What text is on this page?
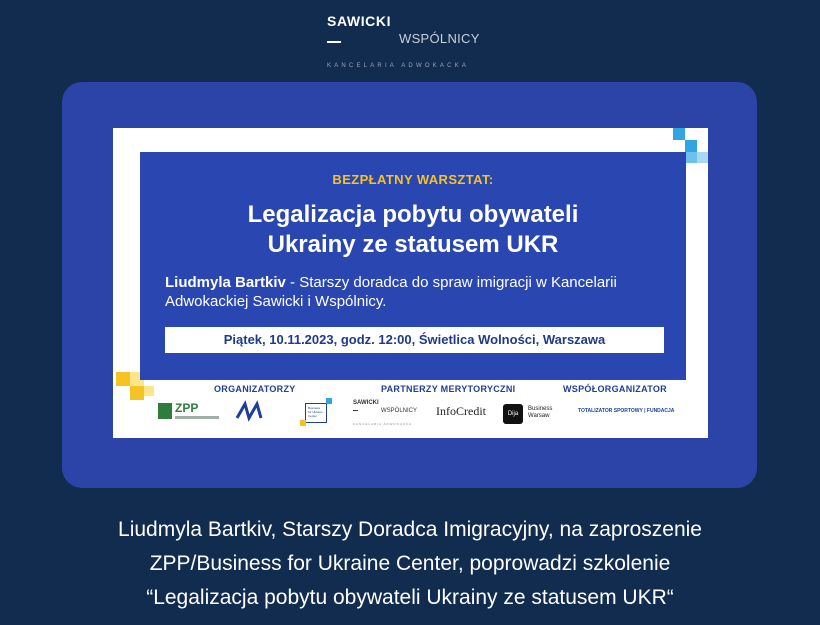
SAWICKI
WSPÓLNICY
KANCELARIA ADWOKACKA
BEZPŁATNY WARSZTAT:
Legalizacja pobytu obywateli
Ukrainy ze statusem UKR
Liudmyla Bartkiv - Starszy doradca do spraw imigracji w Kancelarii Adwokackiej Sawicki i Wspólnicy.
Piątek, 10.11.2023, godz. 12:00, Świetlica Wolności, Warszawa
ORGANIZATORZY	PARTNERZY MERYTORYCZNI	WSPÓŁORGANIZATOR
ZPP	Business for Ukraine Center
SAWICKI
WSPÓLNICY
KANCELARIA ADWOKACKA
InfoCredit	Dija
Business
Warsaw
TOTALIZATOR SPORTOWY | FUNDACJA
Liudmyla Bartkiv, Starszy Doradca Imigracyjny, na zaproszenie
ZPP/Business for Ukraine Center, poprowadzi szkolenie
“Legalizacja pobytu obywateli Ukrainy ze statusem UKR“
